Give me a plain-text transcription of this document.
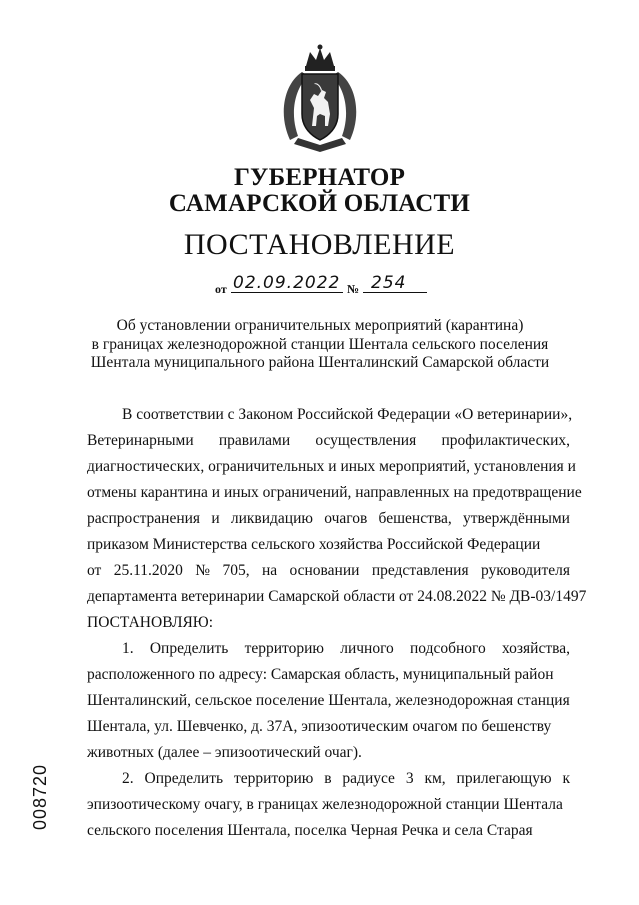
ГУБЕРНАТОР
САМАРСКОЙ ОБЛАСТИ
ПОСТАНОВЛЕНИЕ
от 02.09.2022 № 254
Об установлении ограничительных мероприятий (карантина)
в границах железнодорожной станции Шентала сельского поселения
Шентала муниципального района Шенталинский Самарской области
В соответствии с Законом Российской Федерации «О ветеринарии»,
Ветеринарными правилами осуществления профилактических,
диагностических, ограничительных и иных мероприятий, установления и
отмены карантина и иных ограничений, направленных на предотвращение
распространения и ликвидацию очагов бешенства, утверждёнными
приказом Министерства сельского хозяйства Российской Федерации
от 25.11.2020 № 705, на основании представления руководителя
департамента ветеринарии Самарской области от 24.08.2022 № ДВ-03/1497
ПОСТАНОВЛЯЮ:
1. Определить территорию личного подсобного хозяйства,
расположенного по адресу: Самарская область, муниципальный район
Шенталинский, сельское поселение Шентала, железнодорожная станция
Шентала, ул. Шевченко, д. 37А, эпизоотическим очагом по бешенству
животных (далее – эпизоотический очаг).
2. Определить территорию в радиусе 3 км, прилегающую к
эпизоотическому очагу, в границах железнодорожной станции Шентала
сельского поселения Шентала, поселка Черная Речка и села Старая
008720
